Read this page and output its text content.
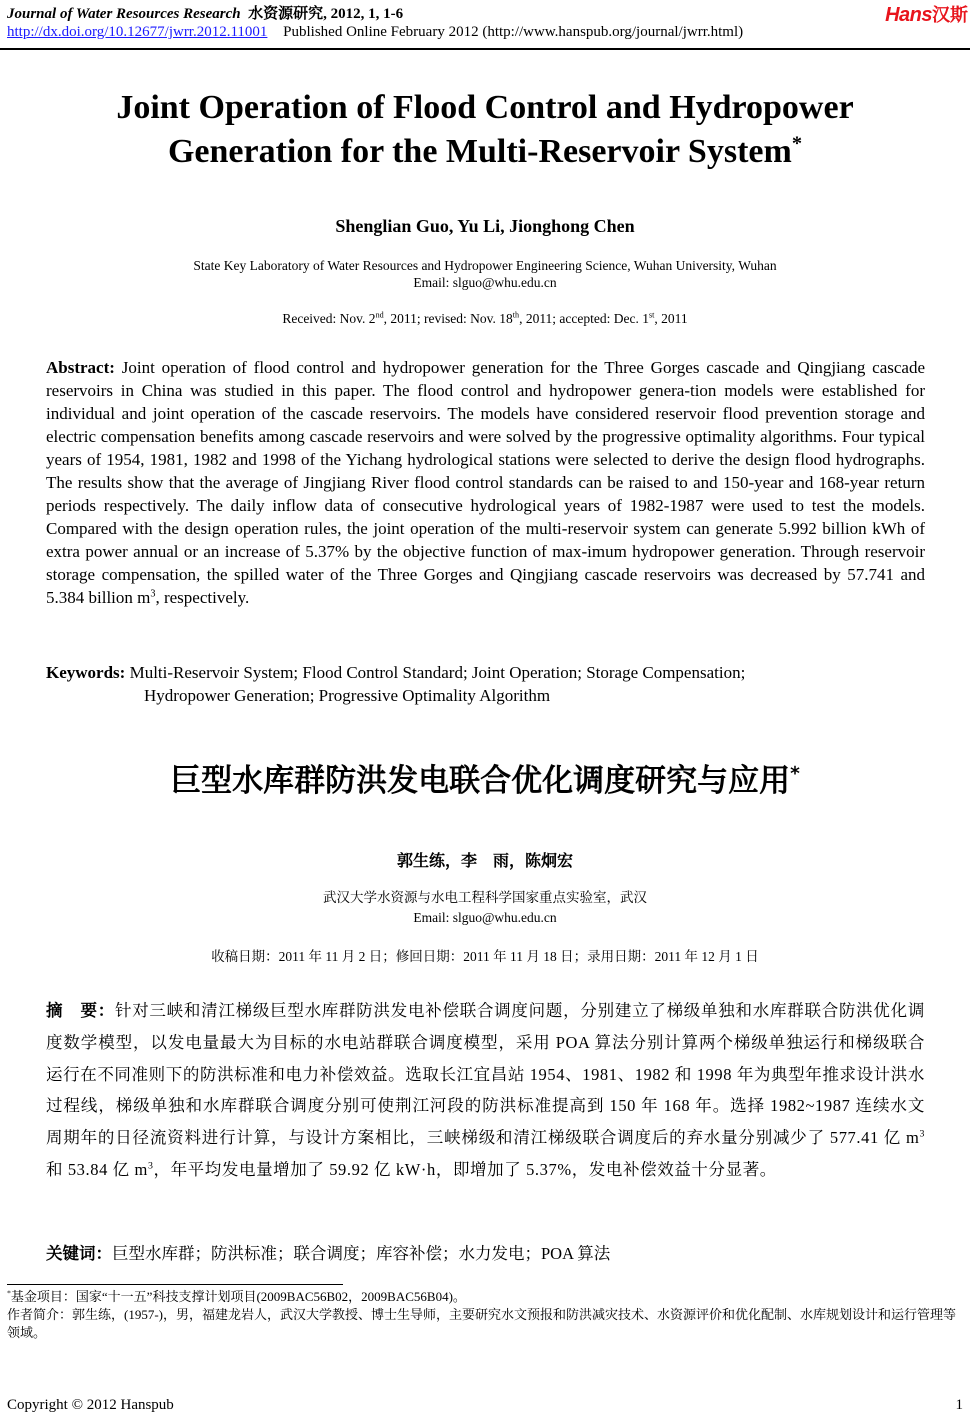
Journal of Water Resources Research 水资源研究, 2012, 1, 1-6
http://dx.doi.org/10.12677/jwrr.2012.11001 Published Online February 2012 (http://www.hanspub.org/journal/jwrr.html)
Hans汉斯
Joint Operation of Flood Control and Hydropower
Generation for the Multi-Reservoir System*
Shenglian Guo, Yu Li, Jionghong Chen
State Key Laboratory of Water Resources and Hydropower Engineering Science, Wuhan University, Wuhan
Email: slguo@whu.edu.cn
Received: Nov. 2nd, 2011; revised: Nov. 18th, 2011; accepted: Dec. 1st, 2011
Abstract: Joint operation of flood control and hydropower generation for the Three Gorges cascade and Qingjiang cascade reservoirs in China was studied in this paper. The flood control and hydropower genera-tion models were established for individual and joint operation of the cascade reservoirs. The models have considered reservoir flood prevention storage and electric compensation benefits among cascade reservoirs and were solved by the progressive optimality algorithms. Four typical years of 1954, 1981, 1982 and 1998 of the Yichang hydrological stations were selected to derive the design flood hydrographs. The results show that the average of Jingjiang River flood control standards can be raised to and 150-year and 168-year return periods respectively. The daily inflow data of consecutive hydrological years of 1982-1987 were used to test the models. Compared with the design operation rules, the joint operation of the multi-reservoir system can generate 5.992 billion kWh of extra power annual or an increase of 5.37% by the objective function of max-imum hydropower generation. Through reservoir storage compensation, the spilled water of the Three Gorges and Qingjiang cascade reservoirs was decreased by 57.741 and 5.384 billion $m^3$, respectively.
Keywords: Multi-Reservoir System; Flood Control Standard; Joint Operation; Storage Compensation;
Hydropower Generation; Progressive Optimality Algorithm
巨型水库群防洪发电联合优化调度研究与应用*
郭生练，李　雨，陈炯宏
武汉大学水资源与水电工程科学国家重点实验室，武汉
Email: slguo@whu.edu.cn
收稿日期：2011 年 11 月 2 日；修回日期：2011 年 11 月 18 日；录用日期：2011 年 12 月 1 日
摘　要：针对三峡和清江梯级巨型水库群防洪发电补偿联合调度问题，分别建立了梯级单独和水库群联合防洪优化调度数学模型，以发电量最大为目标的水电站群联合调度模型，采用 POA 算法分别计算两个梯级单独运行和梯级联合运行在不同准则下的防洪标准和电力补偿效益。选取长江宜昌站 1954、1981、1982 和 1998 年为典型年推求设计洪水过程线，梯级单独和水库群联合调度分别可使荆江河段的防洪标准提高到 150 年 168 年。选择 1982~1987 连续水文周期年的日径流资料进行计算，与设计方案相比，三峡梯级和清江梯级联合调度后的弃水量分别减少了 577.41 亿 $m^3$ 和 53.84 亿 $m^3$，年平均发电量增加了 59.92 亿 kW·h，即增加了 5.37%，发电补偿效益十分显著。
关键词：巨型水库群；防洪标准；联合调度；库容补偿；水力发电；POA 算法
*基金项目：国家“十一五”科技支撑计划项目(2009BAC56B02，2009BAC56B04)。
作者简介：郭生练，(1957-)，男，福建龙岩人，武汉大学教授、博士生导师，主要研究水文预报和防洪减灾技术、水资源评价和优化配制、水库规划设计和运行管理等领域。
Copyright © 2012 Hanspub	1
